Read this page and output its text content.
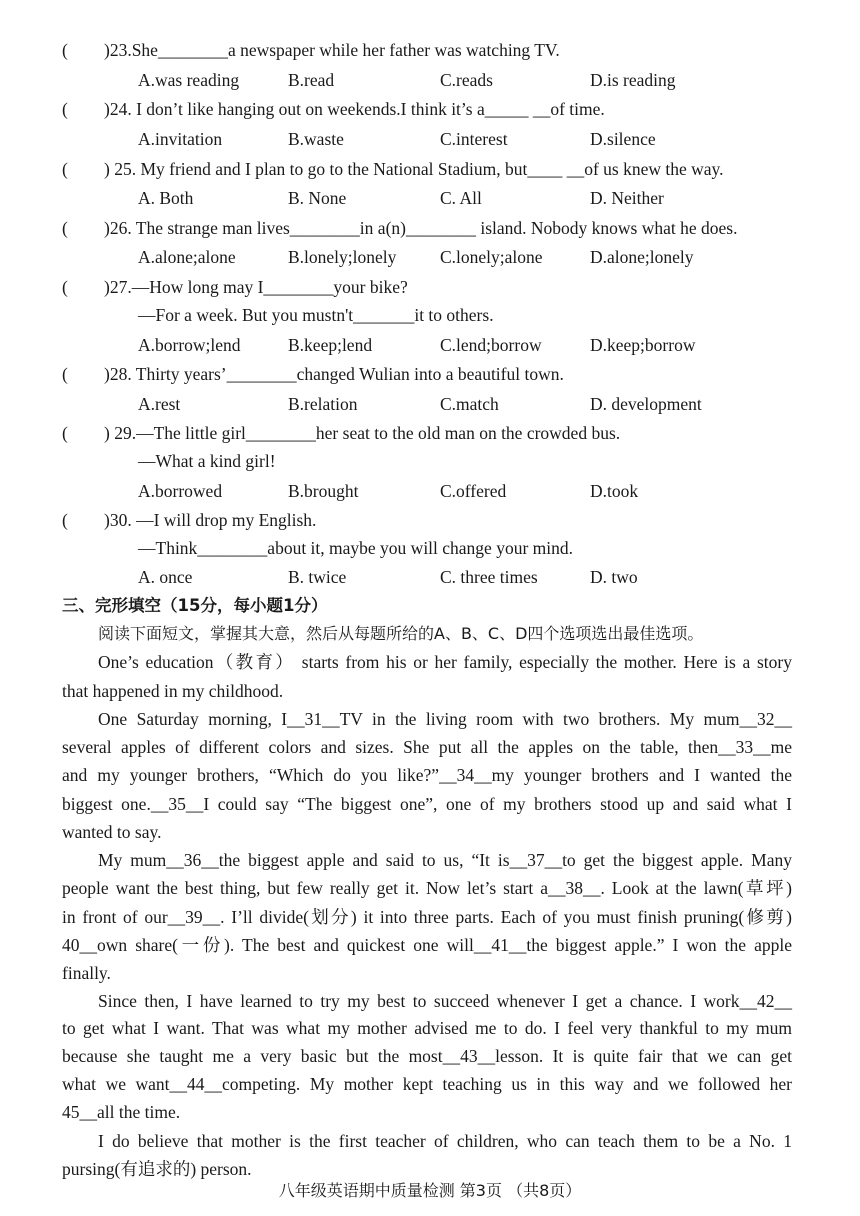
( )23.She________a newspaper while her father was watching TV.
A.was reading	B.read	C.reads	D.is reading
( )24. I don’t like hanging out on weekends.I think it’s a_____ __of time.
A.invitation	B.waste	C.interest	D.silence
( ) 25. My friend and I plan to go to the National Stadium, but____ __of us knew the way.
A. Both	B. None	C. All	D. Neither
( )26. The strange man lives________in a(n)________ island. Nobody knows what he does.
A.alone;alone	B.lonely;lonely C.lonely;alone	D.alone;lonely
( )27.—How long may I________your bike?
—For a week. But you mustn't_______it to others.
A.borrow;lend	B.keep;lend	C.lend;borrow	D.keep;borrow
( )28. Thirty years’________changed Wulian into a beautiful town.
A.rest	B.relation	C.match	D. development
( ) 29.—The little girl________her seat to the old man on the crowded bus.
—What a kind girl!
A.borrowed	B.brought	C.offered	D.took
( )30. —I will drop my English.
—Think________about it, maybe you will change your mind.
A. once	B. twice	C. three times	D. two
三、完形填空（15分，每小题1分）
阅读下面短文，掌握其大意，然后从每题所给的A、B、C、D四个选项选出最佳选项。
One’s education（教育） starts from his or her family, especially the mother. Here is a story
that happened in my childhood.
One Saturday morning, I__31__TV in the living room with two brothers. My mum__32__
several apples of different colors and sizes. She put all the apples on the table, then__33__me
and my younger brothers, “Which do you like?”__34__my younger brothers and I wanted the
biggest one.__35__I could say “The biggest one”, one of my brothers stood up and said what I
wanted to say.
My mum__36__the biggest apple and said to us, “It is__37__to get the biggest apple. Many
people want the best thing, but few really get it. Now let’s start a__38__. Look at the lawn(草坪)
in front of our__39__. I’ll divide(划分) it into three parts. Each of you must finish pruning(修剪)
40__own share(一份). The best and quickest one will__41__the biggest apple.” I won the apple
finally.
Since then, I have learned to try my best to succeed whenever I get a chance. I work__42__
to get what I want. That was what my mother advised me to do. I feel very thankful to my mum
because she taught me a very basic but the most__43__lesson. It is quite fair that we can get
what we want__44__competing. My mother kept teaching us in this way and we followed her
45__all the time.
I do believe that mother is the first teacher of children, who can teach them to be a No. 1
pursing(有追求的) person.
八年级英语期中质量检测 第3页 （共8页）
